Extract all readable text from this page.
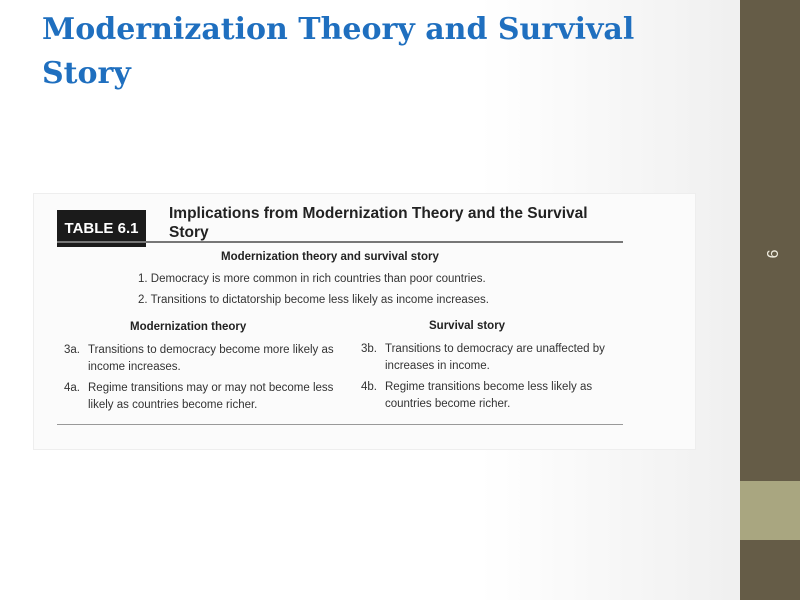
Modernization Theory and Survival Story
9
TABLE 6.1
Implications from Modernization Theory and the Survival Story
Modernization theory and survival story
1. Democracy is more common in rich countries than poor countries.
2. Transitions to dictatorship become less likely as income increases.
Modernization theory	Survival story
3a. Transitions to democracy become more likely as income increases.
4a. Regime transitions may or may not become less likely as countries become richer.
3b. Transitions to democracy are unaffected by increases in income.
4b. Regime transitions become less likely as countries become richer.
